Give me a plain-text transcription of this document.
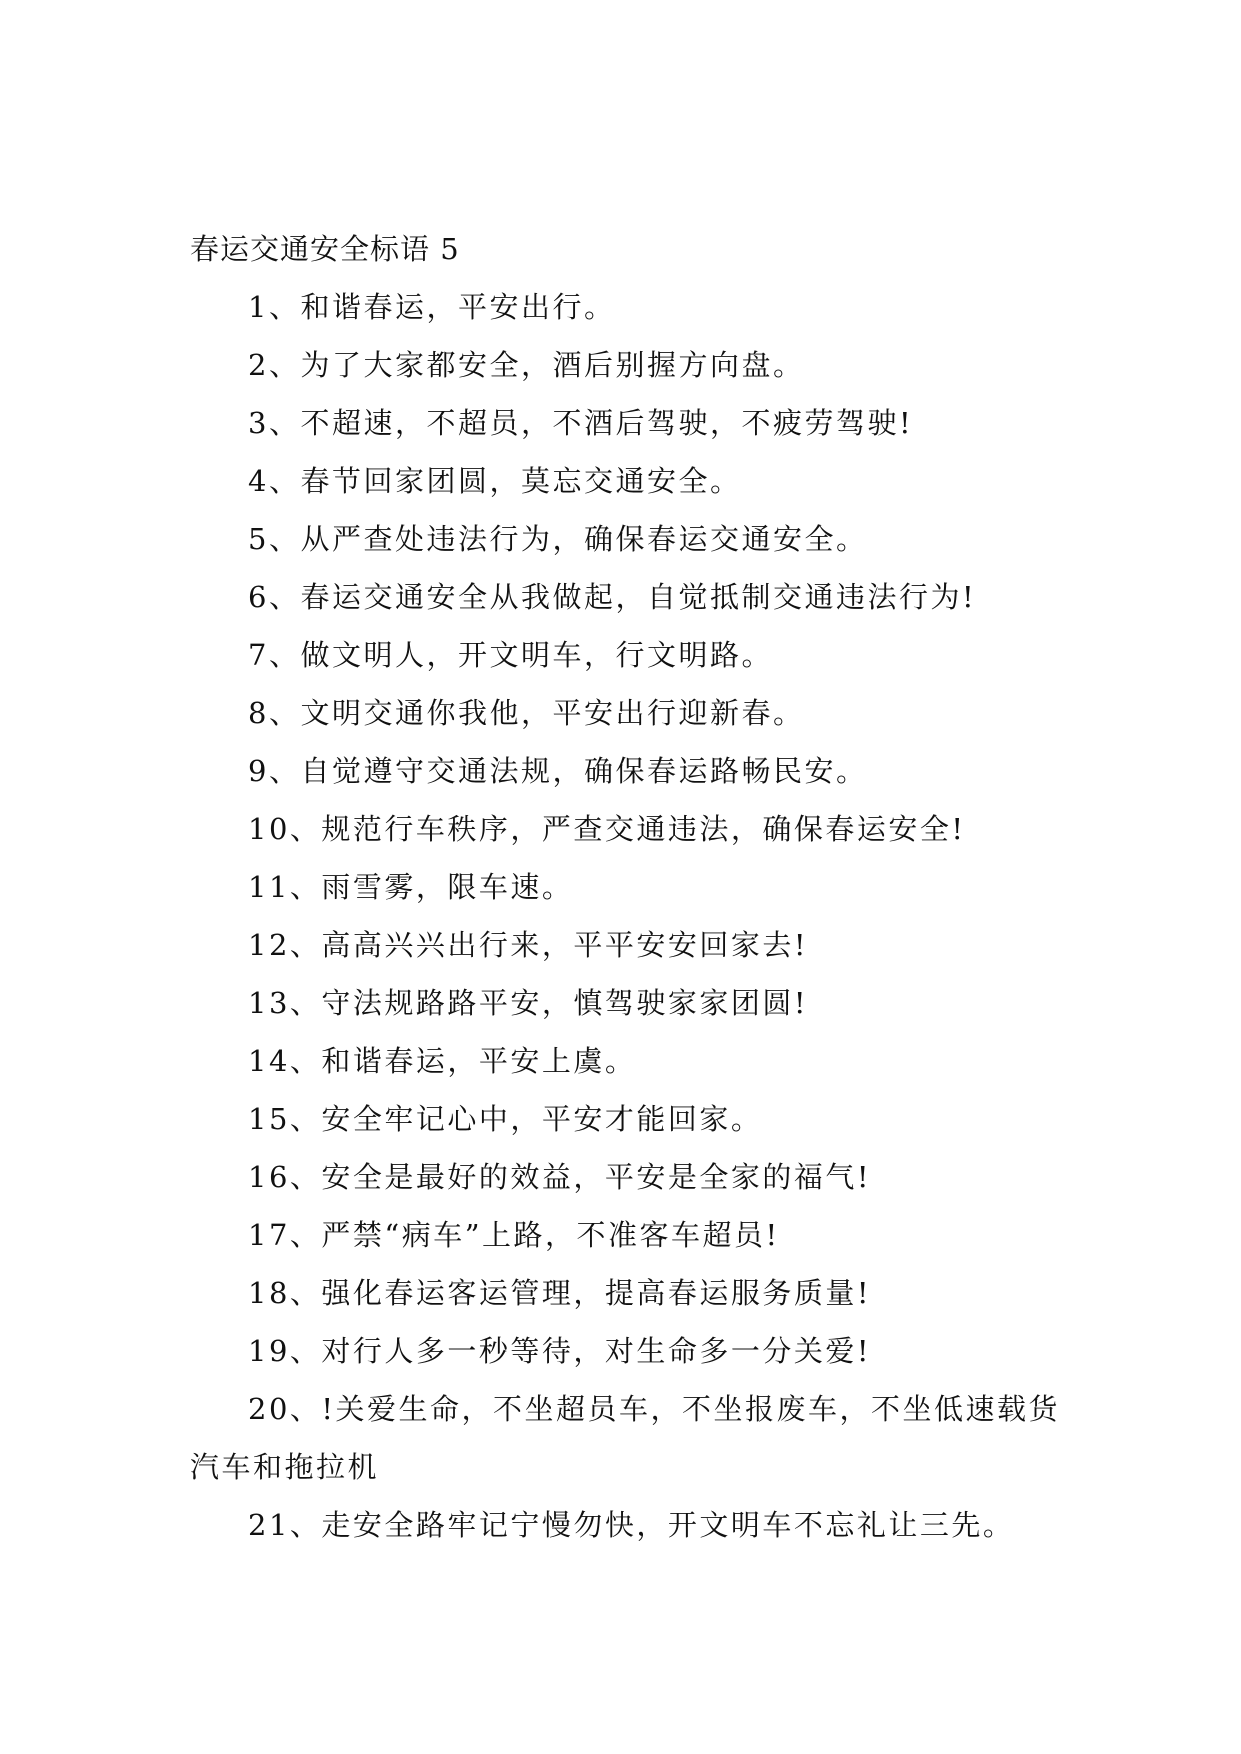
春运交通安全标语 5
1、和谐春运，平安出行。
2、为了大家都安全，酒后别握方向盘。
3、不超速，不超员，不酒后驾驶，不疲劳驾驶!
4、春节回家团圆，莫忘交通安全。
5、从严查处违法行为，确保春运交通安全。
6、春运交通安全从我做起，自觉抵制交通违法行为!
7、做文明人，开文明车，行文明路。
8、文明交通你我他，平安出行迎新春。
9、自觉遵守交通法规，确保春运路畅民安。
10、规范行车秩序，严查交通违法，确保春运安全!
11、雨雪雾，限车速。
12、高高兴兴出行来，平平安安回家去!
13、守法规路路平安，慎驾驶家家团圆!
14、和谐春运，平安上虞。
15、安全牢记心中，平安才能回家。
16、安全是最好的效益，平安是全家的福气!
17、严禁“病车”上路，不准客车超员!
18、强化春运客运管理，提高春运服务质量!
19、对行人多一秒等待，对生命多一分关爱!
20、!关爱生命，不坐超员车，不坐报废车，不坐低速载货汽车和拖拉机
21、走安全路牢记宁慢勿快，开文明车不忘礼让三先。
